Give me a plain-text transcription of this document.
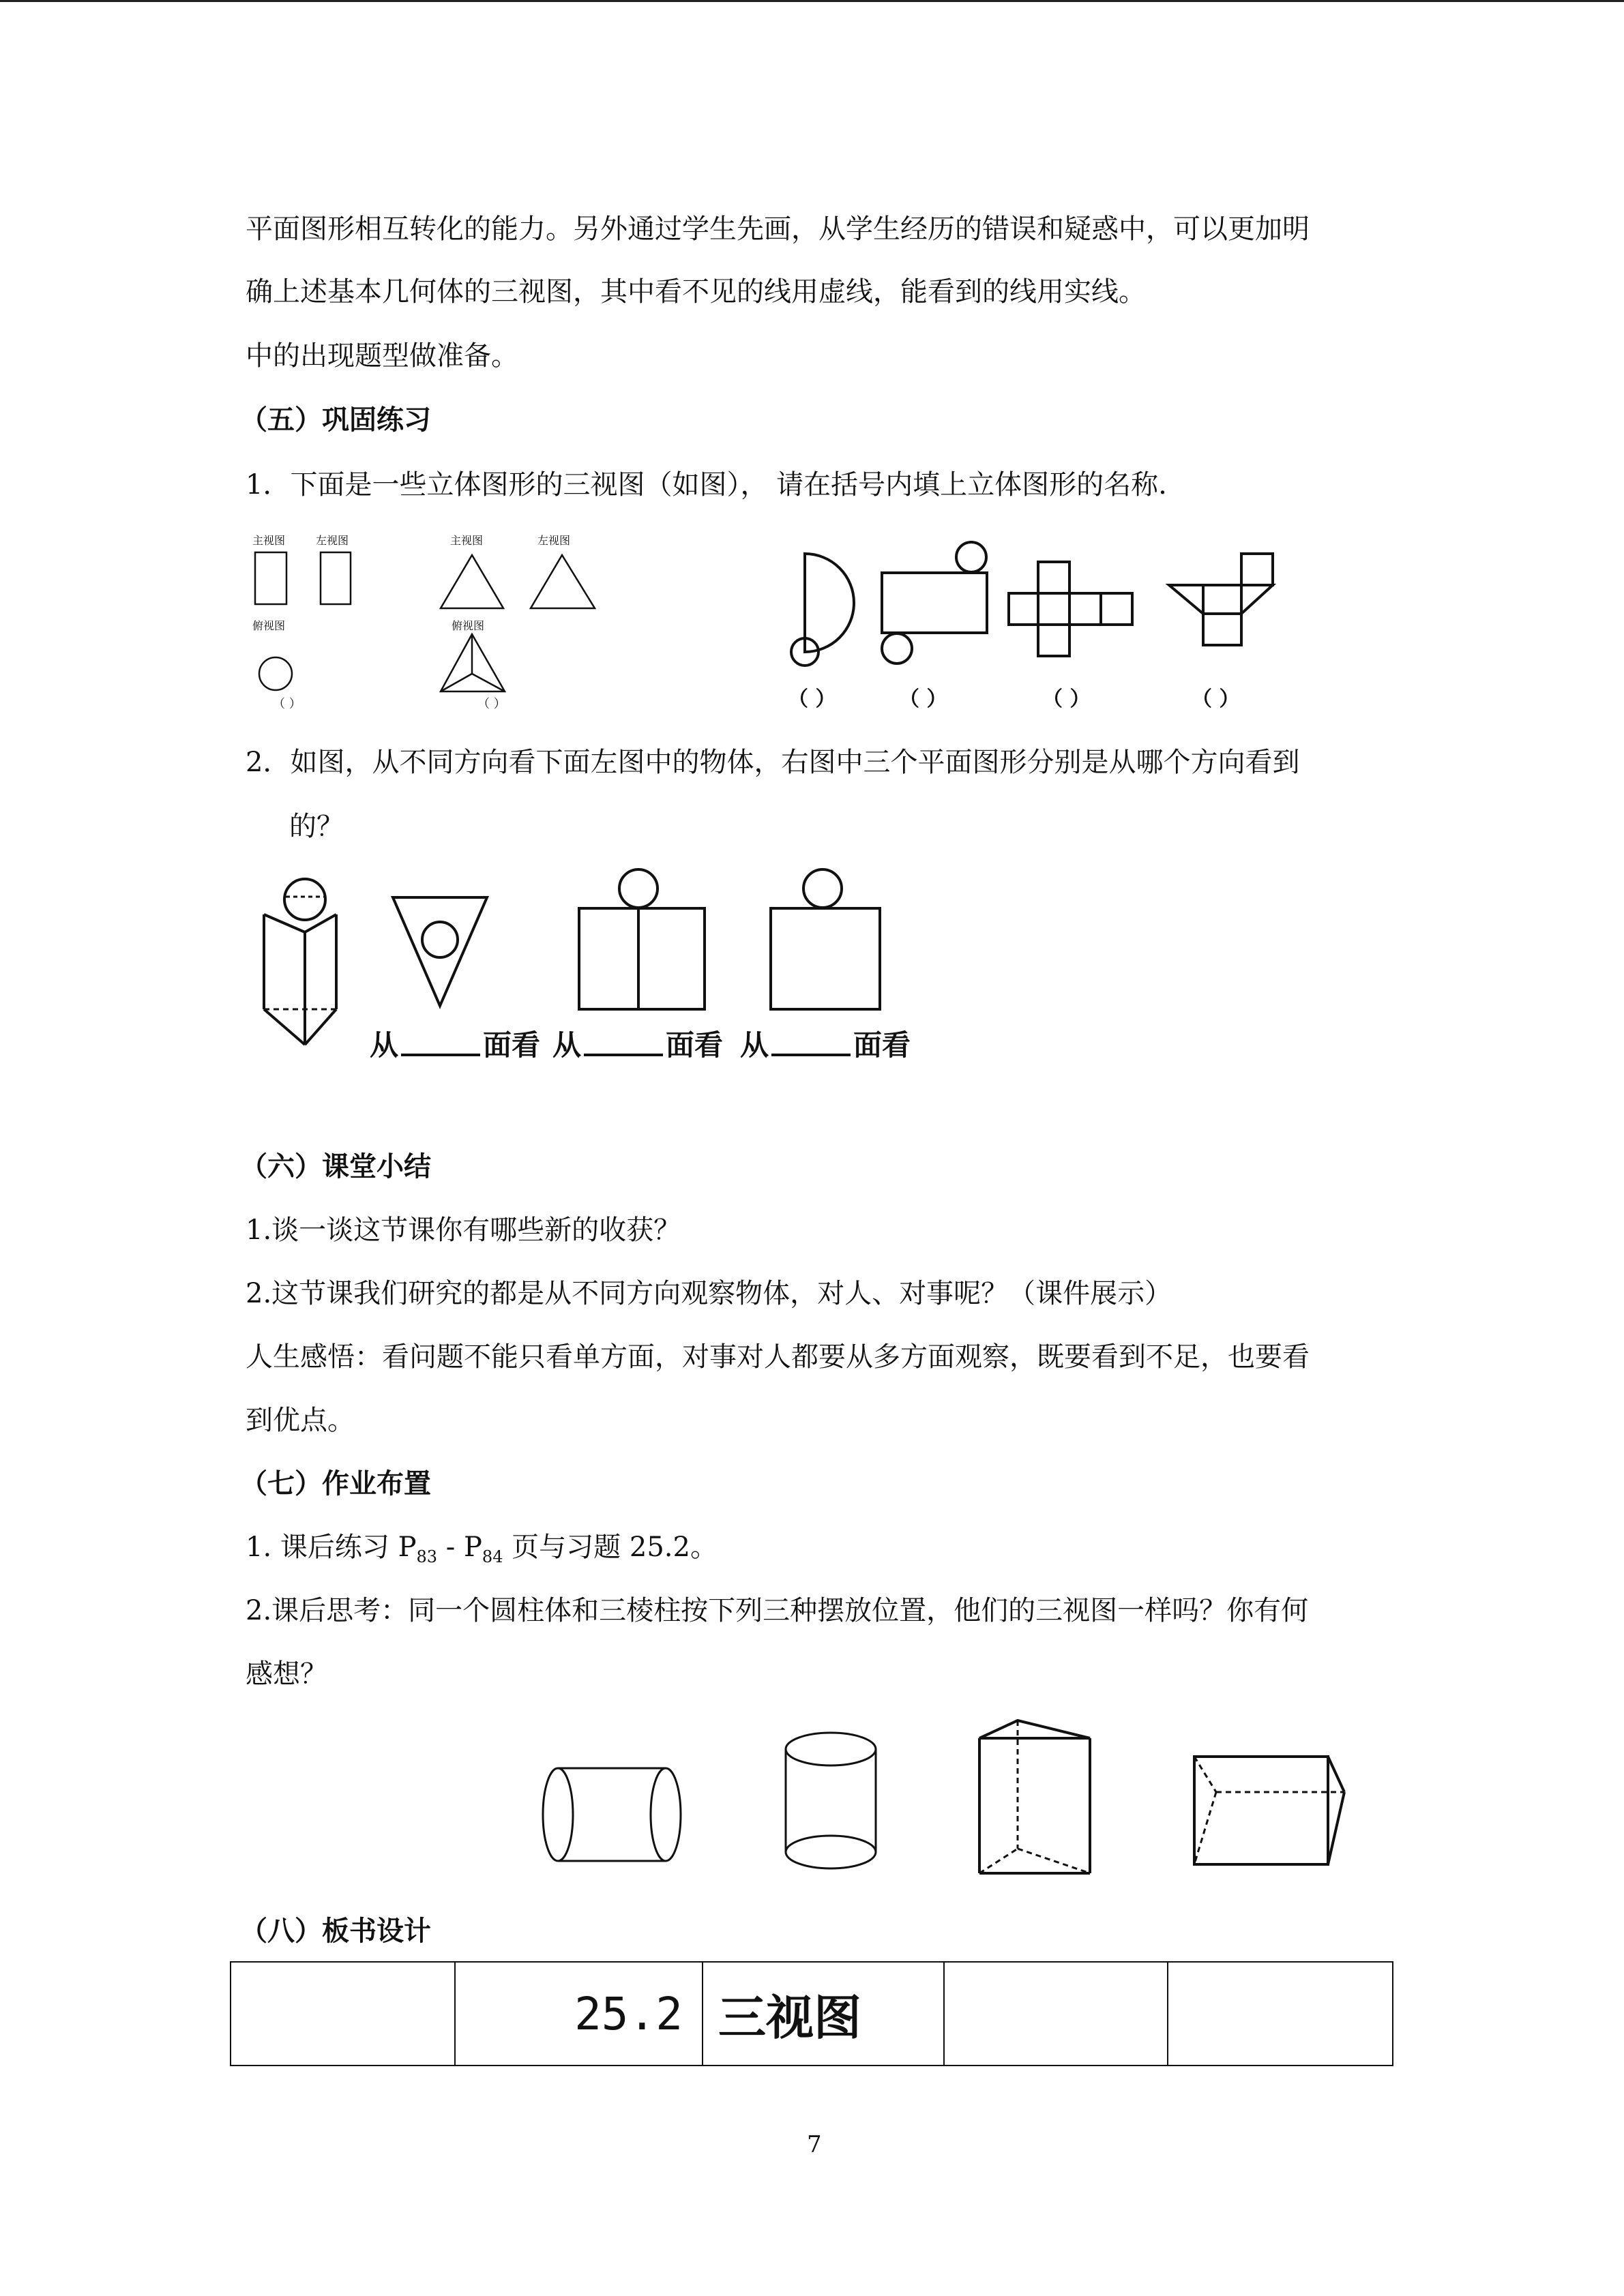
平面图形相互转化的能力。另外通过学生先画，从学生经历的错误和疑惑中，可以更加明
确上述基本几何体的三视图，其中看不见的线用虚线，能看到的线用实线。
中的出现题型做准备。
（五）巩固练习
1．下面是一些立体图形的三视图（如图）， 请在括号内填上立体图形的名称.
主视图	左视图
俯视图
（ ）
主视图	左视图
俯视图
（ ）	（ ）	（ ）	（ ）	（ ）
2．如图，从不同方向看下面左图中的物体，右图中三个平面图形分别是从哪个方向看到
的？
从	面看 从	面看 从	面看
（六）课堂小结
1.谈一谈这节课你有哪些新的收获？
2.这节课我们研究的都是从不同方向观察物体，对人、对事呢？（课件展示）
人生感悟：看问题不能只看单方面，对事对人都要从多方面观察，既要看到不足，也要看
到优点。
（七）作业布置
1. 课后练习 $P_{83} - P_{84}$ 页与习题 25.2。
2.课后思考：同一个圆柱体和三棱柱按下列三种摆放位置，他们的三视图一样吗？你有何
感想？
（八）板书设计
	25.2	三视图		
7
